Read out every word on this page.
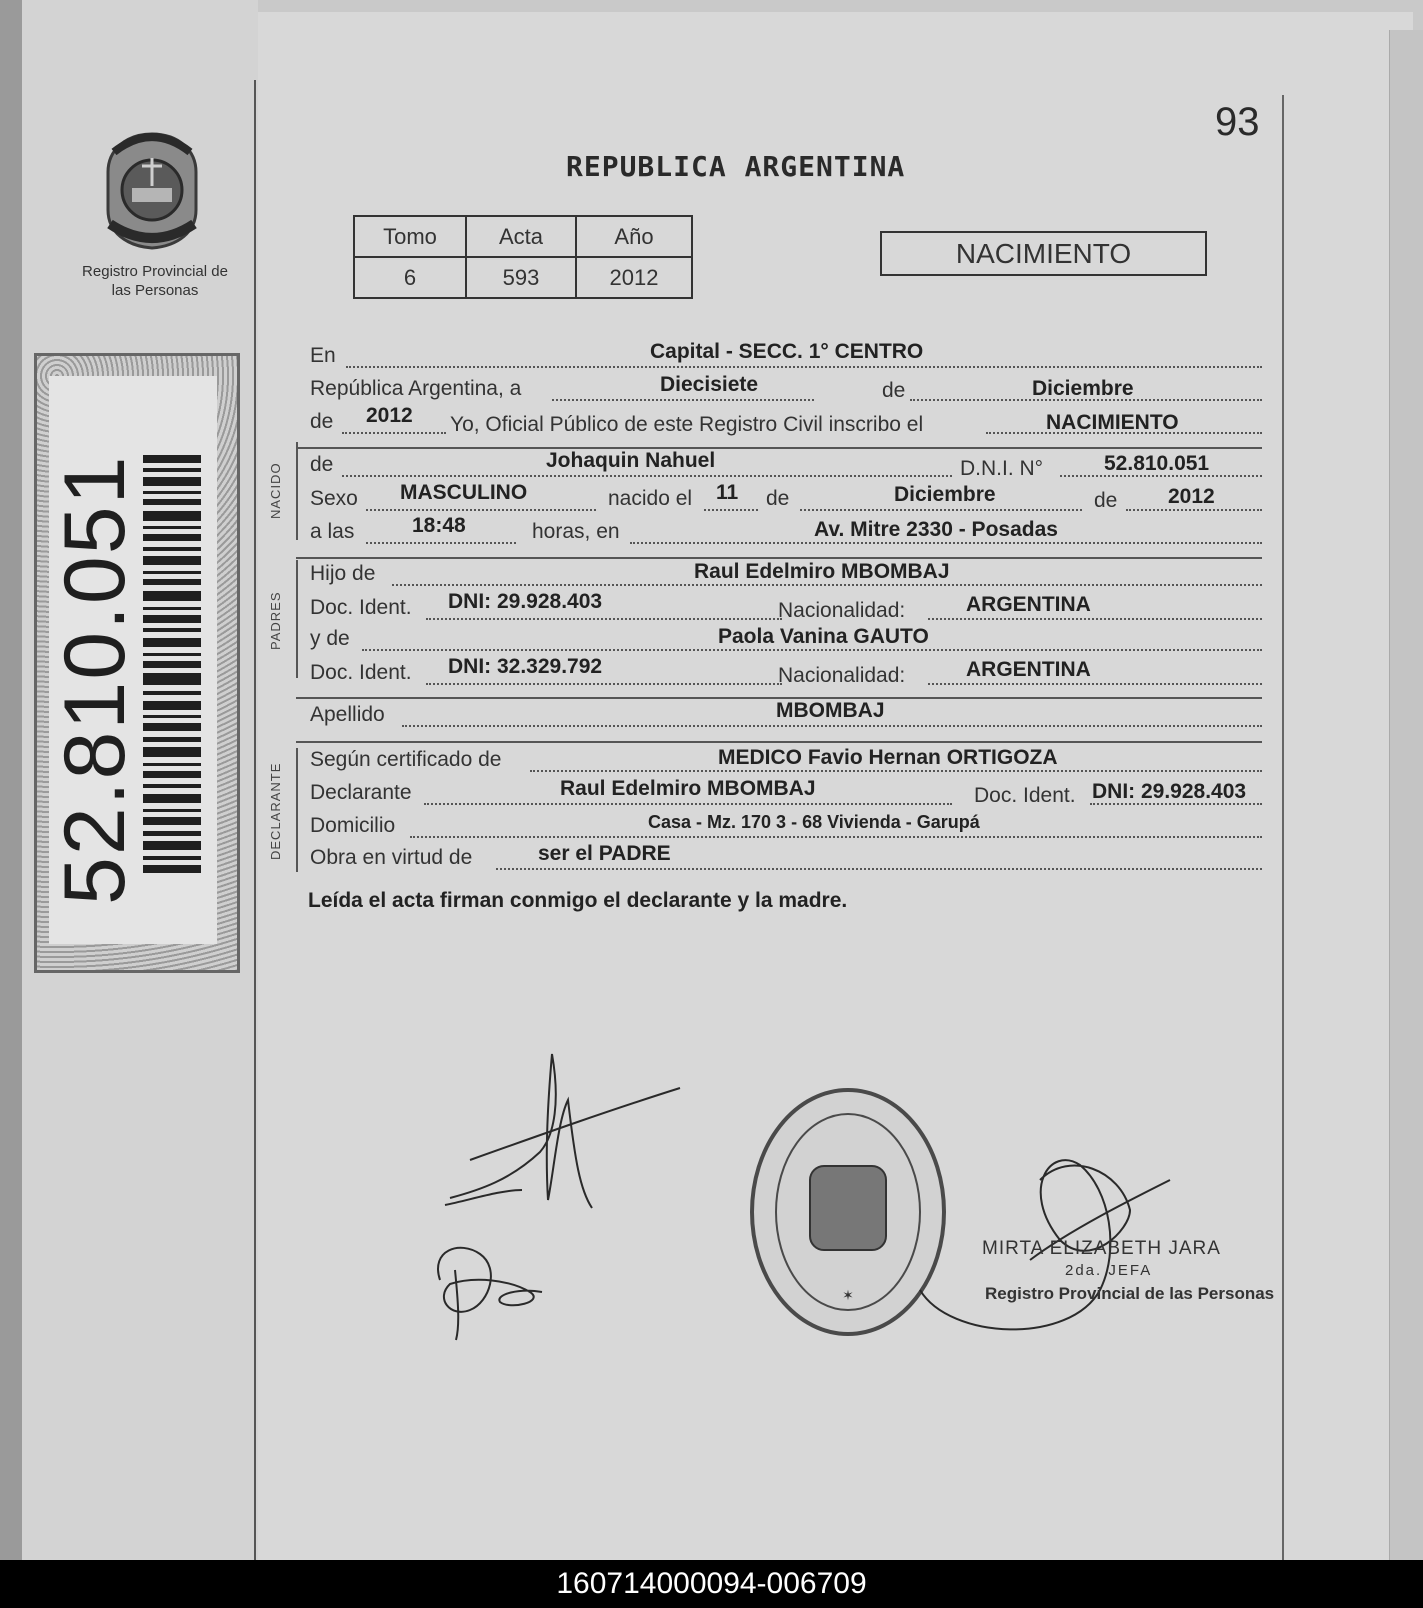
Registro Provincial de las Personas
52.810.051
93
REPUBLICA ARGENTINA
Tomo	Acta	Año
6	593	2012
NACIMIENTO
En	Capital - SECC. 1° CENTRO
República Argentina, a	Diecisiete	de	Diciembre
de 2012 Yo, Oficial Público de este Registro Civil inscribo el	NACIMIENTO
NACIDO de	Johaquin Nahuel	D.N.I. N°	52.810.051
Sexo MASCULINO	nacido el 11 de	Diciembre	de 2012
a las	18:48	horas, en	Av. Mitre 2330 - Posadas
PADRES
Hijo de	Raul Edelmiro MBOMBAJ
Doc. Ident. DNI: 29.928.403	Nacionalidad:	ARGENTINA
y de	Paola Vanina GAUTO
Doc. Ident. DNI: 32.329.792	Nacionalidad:	ARGENTINA
Apellido	MBOMBAJ
DECLARANTE
Según certificado de	MEDICO Favio Hernan ORTIGOZA
Declarante	Raul Edelmiro MBOMBAJ	Doc. Ident. DNI: 29.928.403
Domicilio	Casa - Mz. 170 3 - 68 Vivienda - Garupá
Obra en virtud de	ser el PADRE
Leída el acta firman conmigo el declarante y la madre.
✶
MIRTA ELIZABETH JARA
2da. JEFA
Registro Provincial de las Personas
160714000094-006709
